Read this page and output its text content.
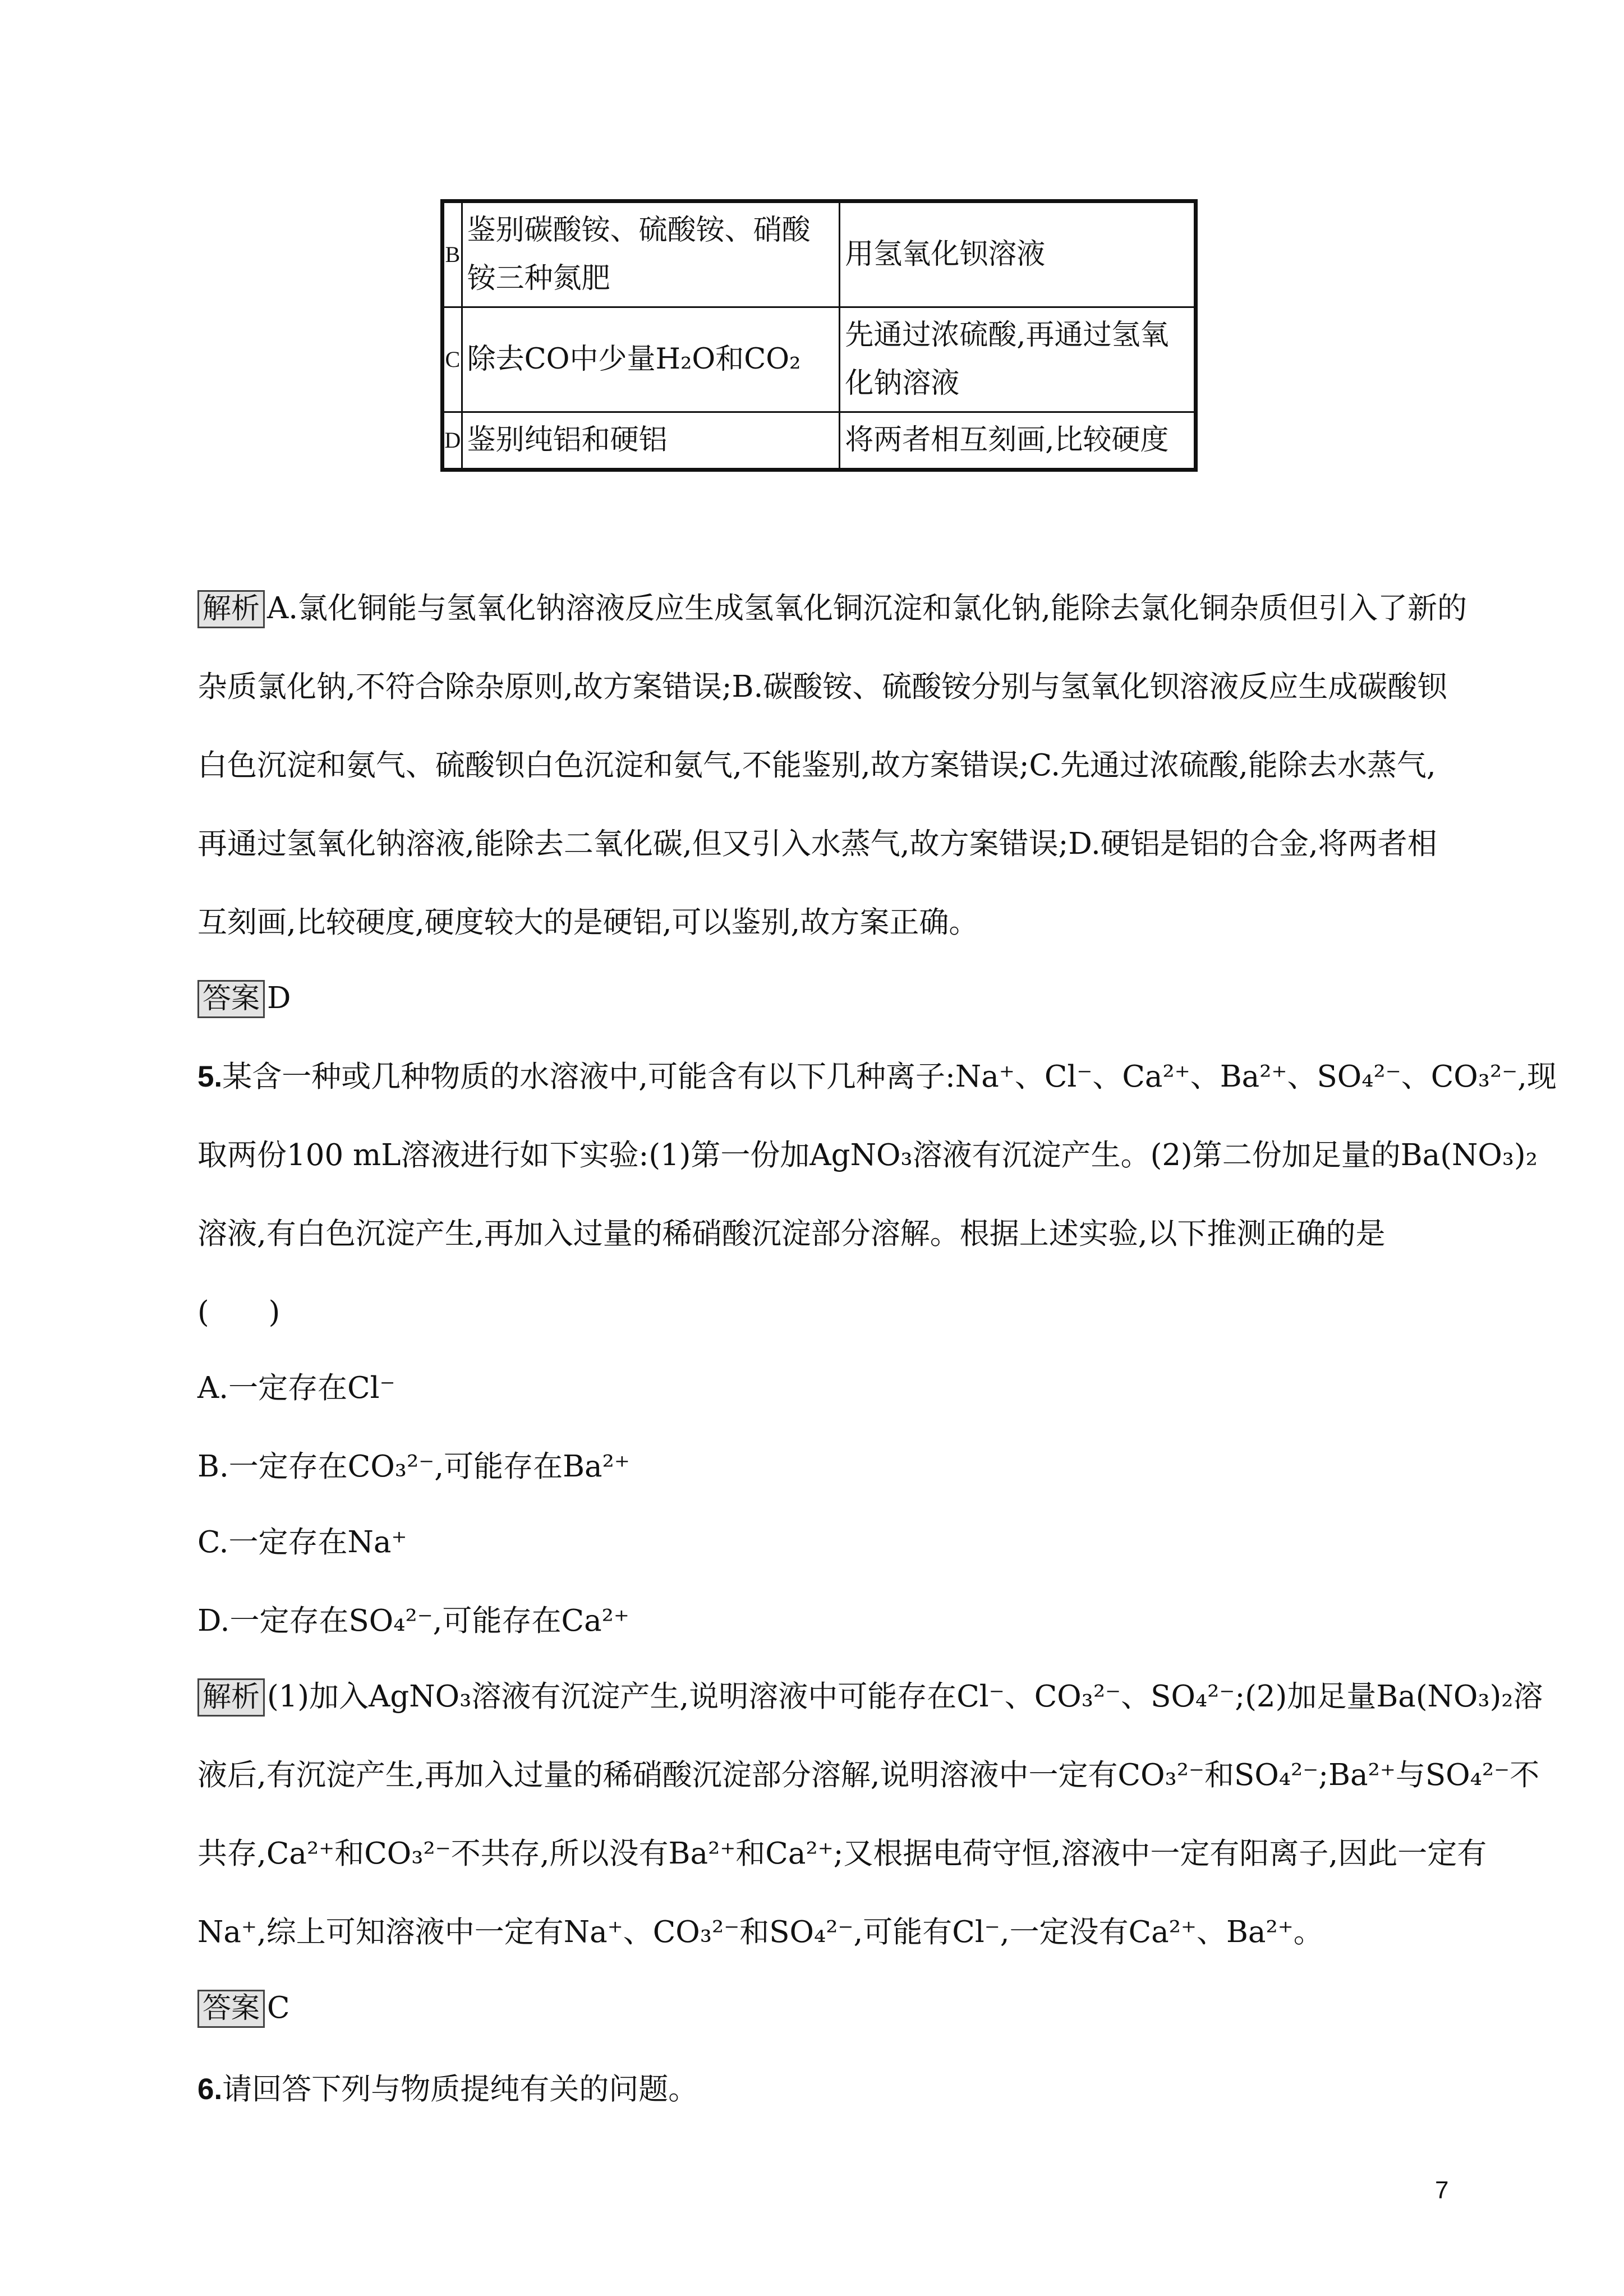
B	鉴别碳酸铵、硫酸铵、硝酸铵三种氮肥	用氢氧化钡溶液
C	除去CO中少量H₂O和CO₂	先通过浓硫酸,再通过氢氧化钠溶液
D	鉴别纯铝和硬铝	将两者相互刻画,比较硬度
解析 A.氯化铜能与氢氧化钠溶液反应生成氢氧化铜沉淀和氯化钠,能除去氯化铜杂质但引入了新的
杂质氯化钠,不符合除杂原则,故方案错误;B.碳酸铵、硫酸铵分别与氢氧化钡溶液反应生成碳酸钡
白色沉淀和氨气、硫酸钡白色沉淀和氨气,不能鉴别,故方案错误;C.先通过浓硫酸,能除去水蒸气,
再通过氢氧化钠溶液,能除去二氧化碳,但又引入水蒸气,故方案错误;D.硬铝是铝的合金,将两者相
互刻画,比较硬度,硬度较大的是硬铝,可以鉴别,故方案正确。
答案 D
5.某含一种或几种物质的水溶液中,可能含有以下几种离子:Na⁺、Cl⁻、Ca²⁺、Ba²⁺、SO₄²⁻、CO₃²⁻,现
取两份100 mL溶液进行如下实验:(1)第一份加AgNO₃溶液有沉淀产生。(2)第二份加足量的Ba(NO₃)₂
溶液,有白色沉淀产生,再加入过量的稀硝酸沉淀部分溶解。根据上述实验,以下推测正确的是
(　　)
A.一定存在Cl⁻
B.一定存在CO₃²⁻,可能存在Ba²⁺
C.一定存在Na⁺
D.一定存在SO₄²⁻,可能存在Ca²⁺
解析 (1)加入AgNO₃溶液有沉淀产生,说明溶液中可能存在Cl⁻、CO₃²⁻、SO₄²⁻;(2)加足量Ba(NO₃)₂溶
液后,有沉淀产生,再加入过量的稀硝酸沉淀部分溶解,说明溶液中一定有CO₃²⁻和SO₄²⁻;Ba²⁺与SO₄²⁻不
共存,Ca²⁺和CO₃²⁻不共存,所以没有Ba²⁺和Ca²⁺;又根据电荷守恒,溶液中一定有阳离子,因此一定有
Na⁺,综上可知溶液中一定有Na⁺、CO₃²⁻和SO₄²⁻,可能有Cl⁻,一定没有Ca²⁺、Ba²⁺。
答案 C
6.请回答下列与物质提纯有关的问题。
7
